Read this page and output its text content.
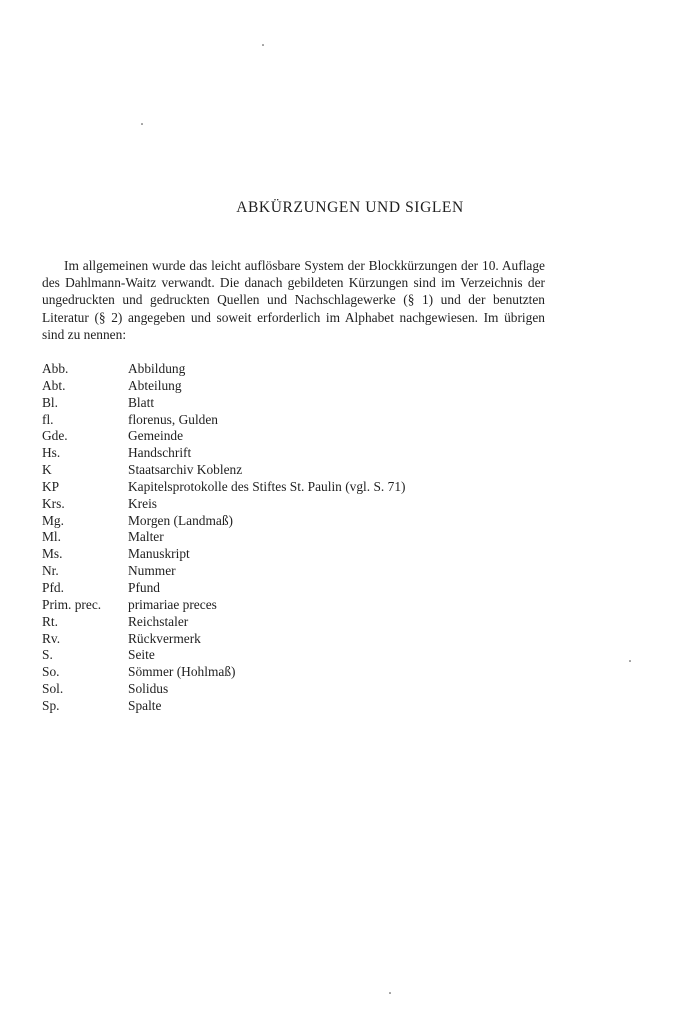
ABKÜRZUNGEN UND SIGLEN

Im allgemeinen wurde das leicht auflösbare System der Blockkürzungen der 10. Auflage des Dahlmann-Waitz verwandt. Die danach gebildeten Kürzungen sind im Verzeichnis der ungedruckten und gedruckten Quellen und Nachschlagewerke (§ 1) und der benutzten Literatur (§ 2) angegeben und soweit erforderlich im Alphabet nachgewiesen. Im übrigen sind zu nennen:

Abb.	Abbildung
Abt.	Abteilung
Bl.	Blatt
fl.	florenus, Gulden
Gde.	Gemeinde
Hs.	Handschrift
K	Staatsarchiv Koblenz
KP	Kapitelsprotokolle des Stiftes St. Paulin (vgl. S. 71)
Krs.	Kreis
Mg.	Morgen (Landmaß)
Ml.	Malter
Ms.	Manuskript
Nr.	Nummer
Pfd.	Pfund
Prim. prec.	primariae preces
Rt.	Reichstaler
Rv.	Rückvermerk
S.	Seite
So.	Sömmer (Hohlmaß)
Sol.	Solidus
Sp.	Spalte
